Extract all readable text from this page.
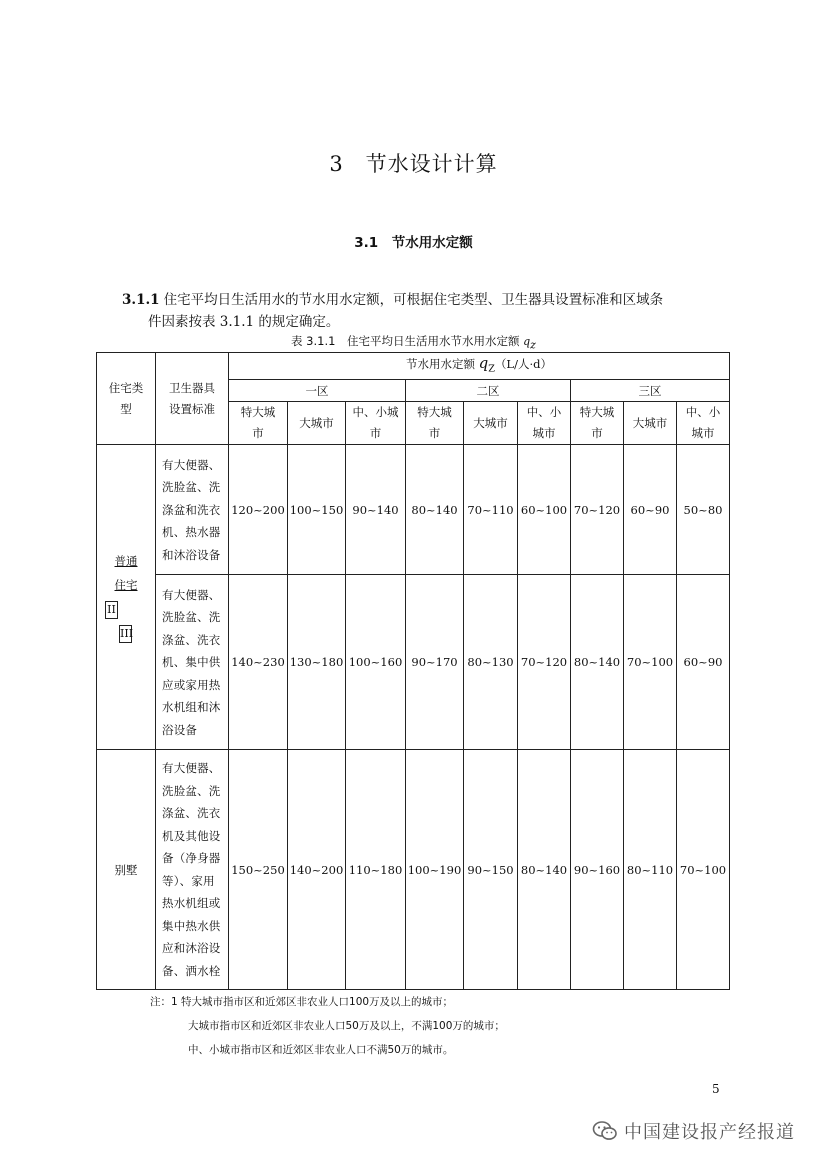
3　节水设计计算
3.1　节水用水定额
3.1.1 住宅平均日生活用水的节水用水定额，可根据住宅类型、卫生器具设置标准和区域条
件因素按表 3.1.1 的规定确定。
表 3.1.1　住宅平均日生活用水节水用水定额 $q_z$
住宅类型	卫生器具设置标准	节水用水定额 $q_Z(L/$人·d）								
		一区			二区			三区		
		特大城市	大城市	中、小城市	特大城市	大城市	中、小城市	特大城市	大城市	中、小城市

普通
住宅
II
III	有大便器、洗脸盆、洗涤盆和洗衣机、热水器和沐浴设备	120~200	100~150	90~140	80~140	70~110	60~100	70~120	60~90	50~80
	有大便器、洗脸盆、洗涤盆、洗衣机、集中供应或家用热水机组和沐浴设备	140~230	130~180	100~160	90~170	80~130	70~120	80~140	70~100	60~90
别墅	有大便器、洗脸盆、洗涤盆、洗衣机及其他设备（净身器等）、家用热水机组或集中热水供应和沐浴设备、洒水栓	150~250	140~200	110~180	100~190	90~150	80~140	90~160	80~110	70~100
注：1 特大城市指市区和近郊区非农业人口100万及以上的城市；
大城市指市区和近郊区非农业人口50万及以上，不满100万的城市；
中、小城市指市区和近郊区非农业人口不满50万的城市。
5
中国建设报产经报道
